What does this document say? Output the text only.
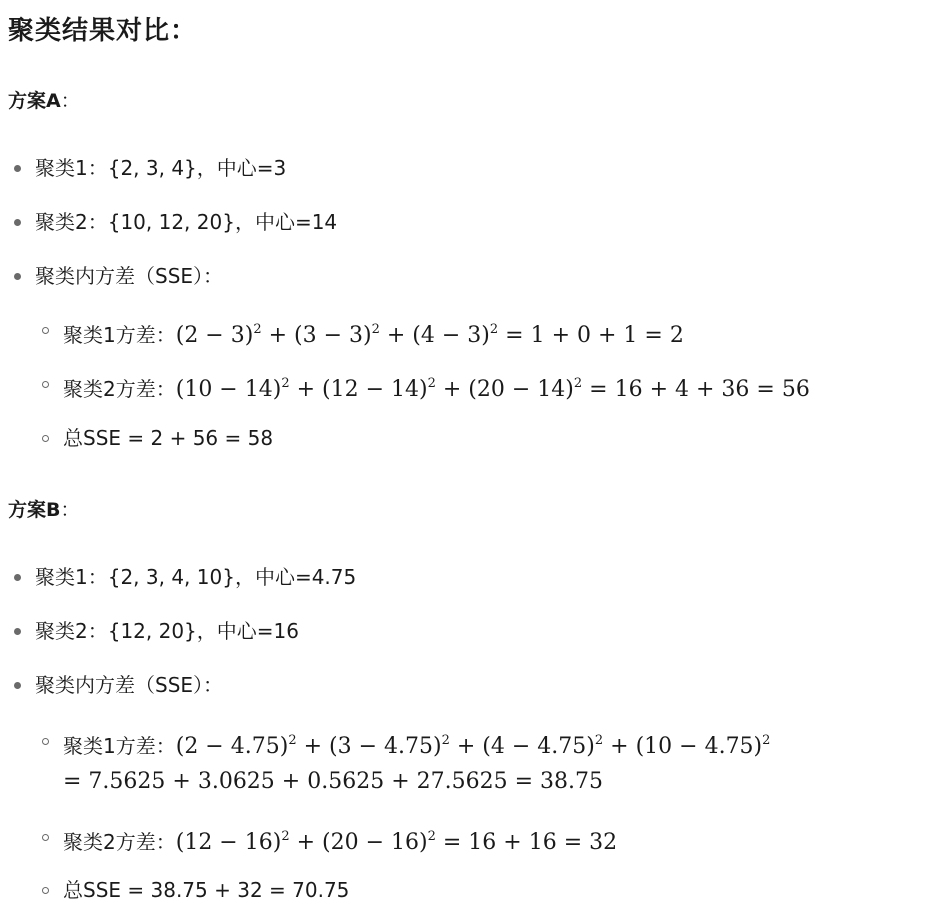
聚类结果对比：
方案A：
聚类1：{2, 3, 4}，中心=3
聚类2：{10, 12, 20}，中心=14
聚类内方差（SSE）：
聚类1方差：$(2 - 3)^2 + (3 - 3)^2 + (4 - 3)^2 = 1 + 0 + 1 = 2$
聚类2方差：$(10 - 14)^2 + (12 - 14)^2 + (20 - 14)^2 = 16 + 4 + 36 = 56$
总SSE = 2 + 56 = 58
方案B：
聚类1：{2, 3, 4, 10}，中心=4.75
聚类2：{12, 20}，中心=16
聚类内方差（SSE）：
聚类1方差：$(2 - 4.75)^2 + (3 - 4.75)^2 + (4 - 4.75)^2 + (10 - 4.75)^2$
= 7.5625 + 3.0625 + 0.5625 + 27.5625 = 38.75
聚类2方差：$(12 - 16)^2 + (20 - 16)^2 = 16 + 16 = 32$
总SSE = 38.75 + 32 = 70.75
